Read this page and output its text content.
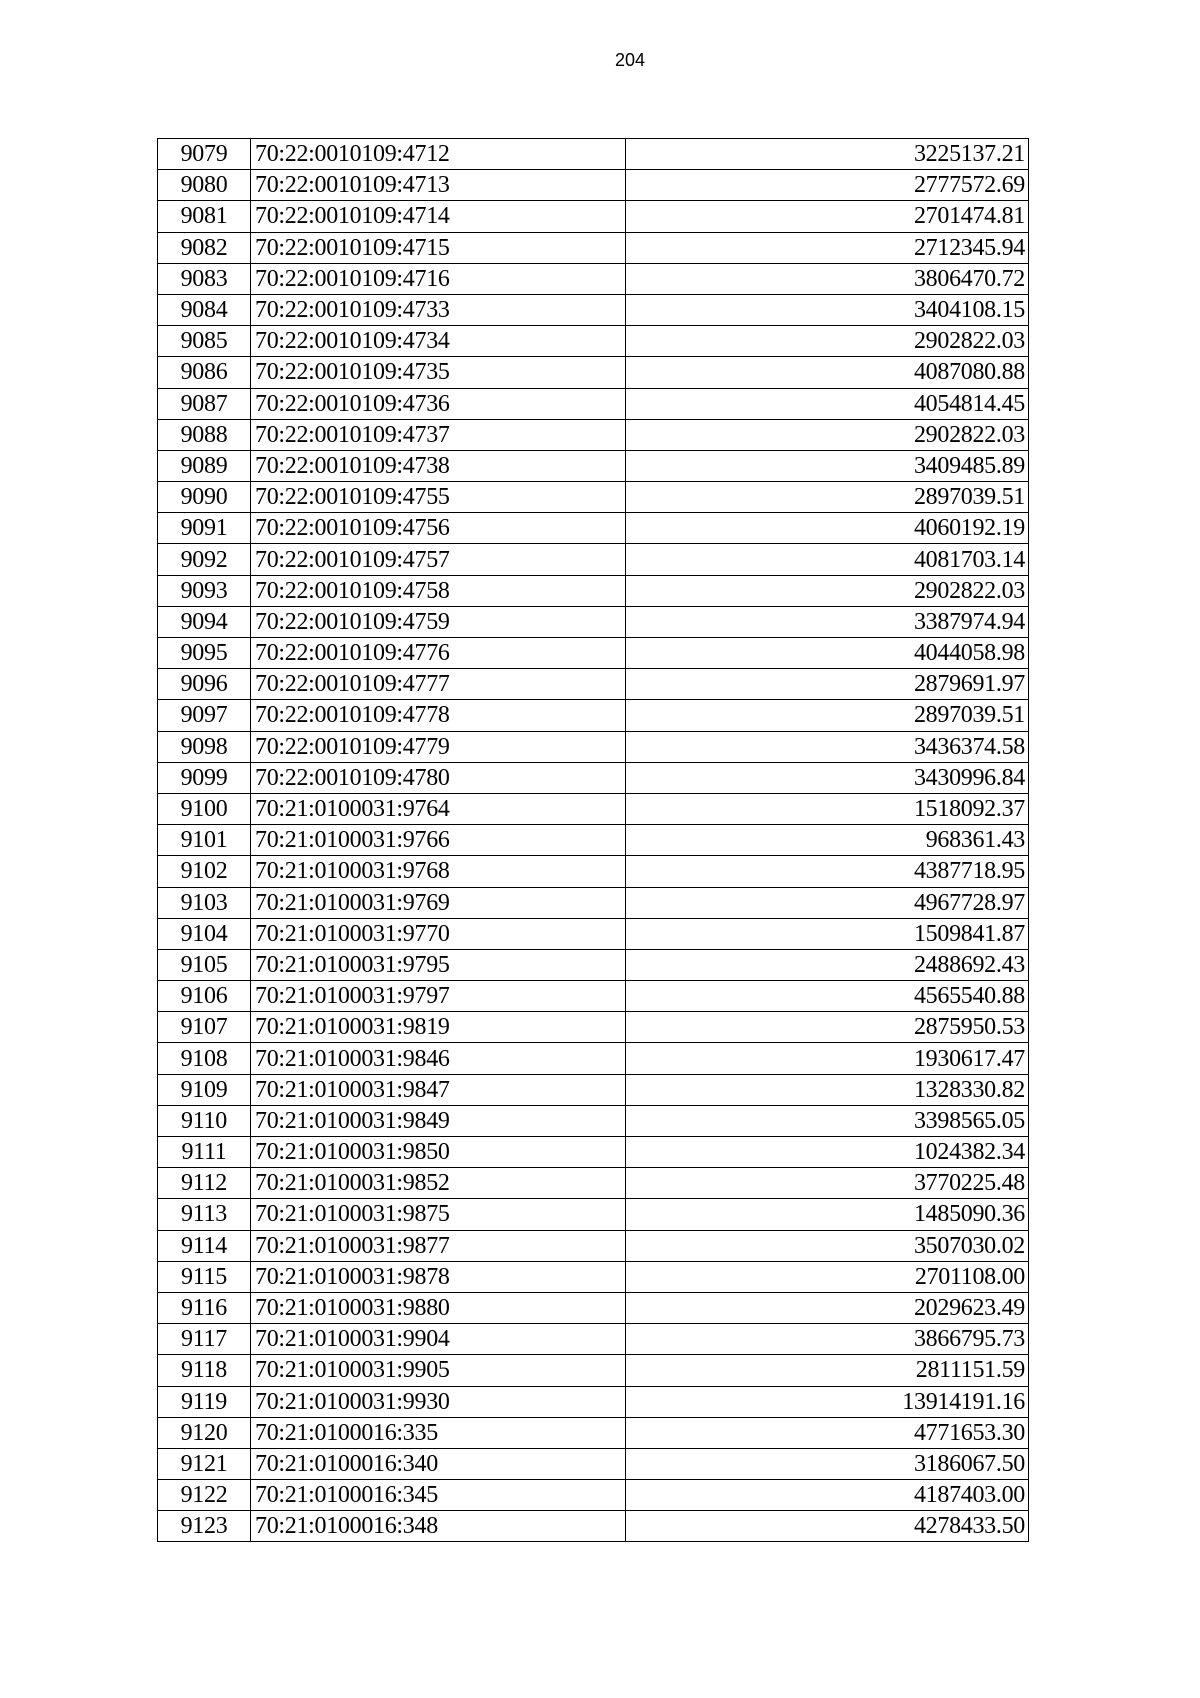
204
9079	70:22:0010109:4712	3225137.21
9080	70:22:0010109:4713	2777572.69
9081	70:22:0010109:4714	2701474.81
9082	70:22:0010109:4715	2712345.94
9083	70:22:0010109:4716	3806470.72
9084	70:22:0010109:4733	3404108.15
9085	70:22:0010109:4734	2902822.03
9086	70:22:0010109:4735	4087080.88
9087	70:22:0010109:4736	4054814.45
9088	70:22:0010109:4737	2902822.03
9089	70:22:0010109:4738	3409485.89
9090	70:22:0010109:4755	2897039.51
9091	70:22:0010109:4756	4060192.19
9092	70:22:0010109:4757	4081703.14
9093	70:22:0010109:4758	2902822.03
9094	70:22:0010109:4759	3387974.94
9095	70:22:0010109:4776	4044058.98
9096	70:22:0010109:4777	2879691.97
9097	70:22:0010109:4778	2897039.51
9098	70:22:0010109:4779	3436374.58
9099	70:22:0010109:4780	3430996.84
9100	70:21:0100031:9764	1518092.37
9101	70:21:0100031:9766	968361.43
9102	70:21:0100031:9768	4387718.95
9103	70:21:0100031:9769	4967728.97
9104	70:21:0100031:9770	1509841.87
9105	70:21:0100031:9795	2488692.43
9106	70:21:0100031:9797	4565540.88
9107	70:21:0100031:9819	2875950.53
9108	70:21:0100031:9846	1930617.47
9109	70:21:0100031:9847	1328330.82
9110	70:21:0100031:9849	3398565.05
9111	70:21:0100031:9850	1024382.34
9112	70:21:0100031:9852	3770225.48
9113	70:21:0100031:9875	1485090.36
9114	70:21:0100031:9877	3507030.02
9115	70:21:0100031:9878	2701108.00
9116	70:21:0100031:9880	2029623.49
9117	70:21:0100031:9904	3866795.73
9118	70:21:0100031:9905	2811151.59
9119	70:21:0100031:9930	13914191.16
9120	70:21:0100016:335	4771653.30
9121	70:21:0100016:340	3186067.50
9122	70:21:0100016:345	4187403.00
9123	70:21:0100016:348	4278433.50
